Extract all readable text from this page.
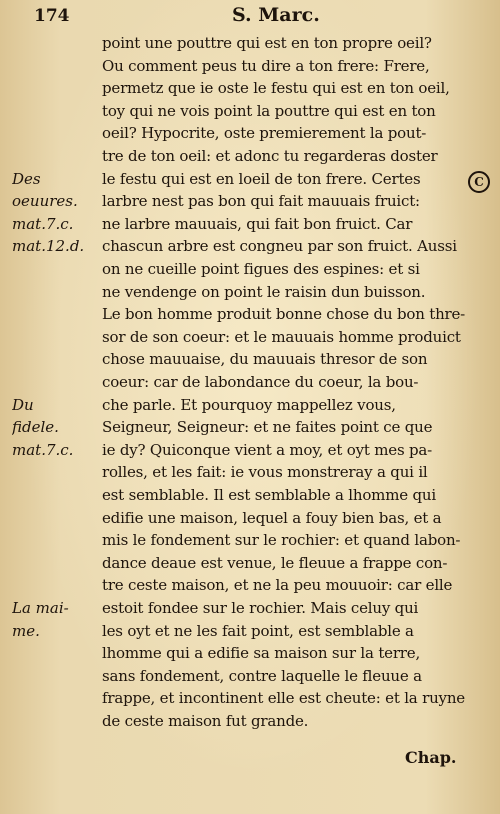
174	S. Marc.
point une pouttre qui est en ton propre oeil?
Ou comment peus tu dire a ton frere: Frere,
permetz que ie oste le festu qui est en ton oeil,
toy qui ne vois point la pouttre qui est en ton
oeil? Hypocrite, oste premierement la pout-
tre de ton oeil: et adonc tu regarderas doster
le festu qui est en loeil de ton frere. Certes
larbre nest pas bon qui fait mauuais fruict:
ne larbre mauuais, qui fait bon fruict. Car
chascun arbre est congneu par son fruict. Aussi
on ne cueille point figues des espines: et si
ne vendenge on point le raisin dun buisson.
Le bon homme produit bonne chose du bon thre-
sor de son coeur: et le mauuais homme produict
chose mauuaise, du mauuais thresor de son
coeur: car de labondance du coeur, la bou-
che parle. Et pourquoy mappellez vous,
Seigneur, Seigneur: et ne faites point ce que
ie dy? Quiconque vient a moy, et oyt mes pa-
rolles, et les fait: ie vous monstreray a qui il
est semblable. Il est semblable a lhomme qui
edifie une maison, lequel a fouy bien bas, et a
mis le fondement sur le rochier: et quand labon-
dance deaue est venue, le fleuue a frappe con-
tre ceste maison, et ne la peu mouuoir: car elle
estoit fondee sur le rochier. Mais celuy qui
les oyt et ne les fait point, est semblable a
lhomme qui a edifie sa maison sur la terre,
sans fondement, contre laquelle le fleuue a
frappe, et incontinent elle est cheute: et la ruyne
de ceste maison fut grande.
Des
oeuures.
mat.7.c.
mat.12.d.
Du
fidele.
mat.7.c.
La mai-
me.
C
Chap.
